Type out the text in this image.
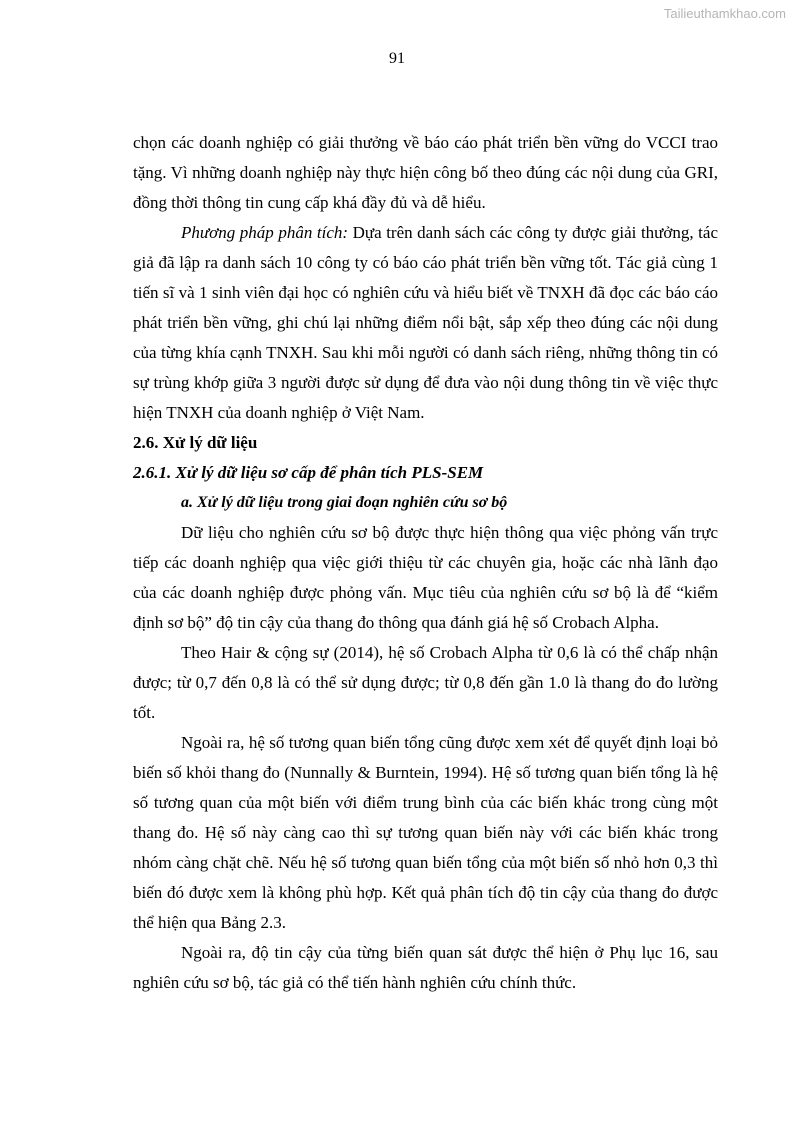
Tailieuthamkhao.com
91

chọn các doanh nghiệp có giải thưởng về báo cáo phát triển bền vững do VCCI trao tặng. Vì những doanh nghiệp này thực hiện công bố theo đúng các nội dung của GRI, đồng thời thông tin cung cấp khá đầy đủ và dễ hiểu.

Phương pháp phân tích: Dựa trên danh sách các công ty được giải thưởng, tác giả đã lập ra danh sách 10 công ty có báo cáo phát triển bền vững tốt. Tác giả cùng 1 tiến sĩ và 1 sinh viên đại học có nghiên cứu và hiểu biết về TNXH đã đọc các báo cáo phát triển bền vững, ghi chú lại những điểm nổi bật, sắp xếp theo đúng các nội dung của từng khía cạnh TNXH. Sau khi mỗi người có danh sách riêng, những thông tin có sự trùng khớp giữa 3 người được sử dụng để đưa vào nội dung thông tin về việc thực hiện TNXH của doanh nghiệp ở Việt Nam.

2.6. Xử lý dữ liệu

2.6.1. Xử lý dữ liệu sơ cấp để phân tích PLS-SEM

a. Xử lý dữ liệu trong giai đoạn nghiên cứu sơ bộ

Dữ liệu cho nghiên cứu sơ bộ được thực hiện thông qua việc phỏng vấn trực tiếp các doanh nghiệp qua việc giới thiệu từ các chuyên gia, hoặc các nhà lãnh đạo của các doanh nghiệp được phỏng vấn. Mục tiêu của nghiên cứu sơ bộ là để “kiểm định sơ bộ” độ tin cậy của thang đo thông qua đánh giá hệ số Crobach Alpha.

Theo Hair & cộng sự (2014), hệ số Crobach Alpha từ 0,6 là có thể chấp nhận được; từ 0,7 đến 0,8 là có thể sử dụng được; từ 0,8 đến gần 1.0 là thang đo đo lường tốt.

Ngoài ra, hệ số tương quan biến tổng cũng được xem xét để quyết định loại bỏ biến số khỏi thang đo (Nunnally & Burntein, 1994). Hệ số tương quan biến tổng là hệ số tương quan của một biến với điểm trung bình của các biến khác trong cùng một thang đo. Hệ số này càng cao thì sự tương quan biến này với các biến khác trong nhóm càng chặt chẽ. Nếu hệ số tương quan biến tổng của một biến số nhỏ hơn 0,3 thì biến đó được xem là không phù hợp. Kết quả phân tích độ tin cậy của thang đo được thể hiện qua Bảng 2.3.

Ngoài ra, độ tin cậy của từng biến quan sát được thể hiện ở Phụ lục 16, sau nghiên cứu sơ bộ, tác giả có thể tiến hành nghiên cứu chính thức.
